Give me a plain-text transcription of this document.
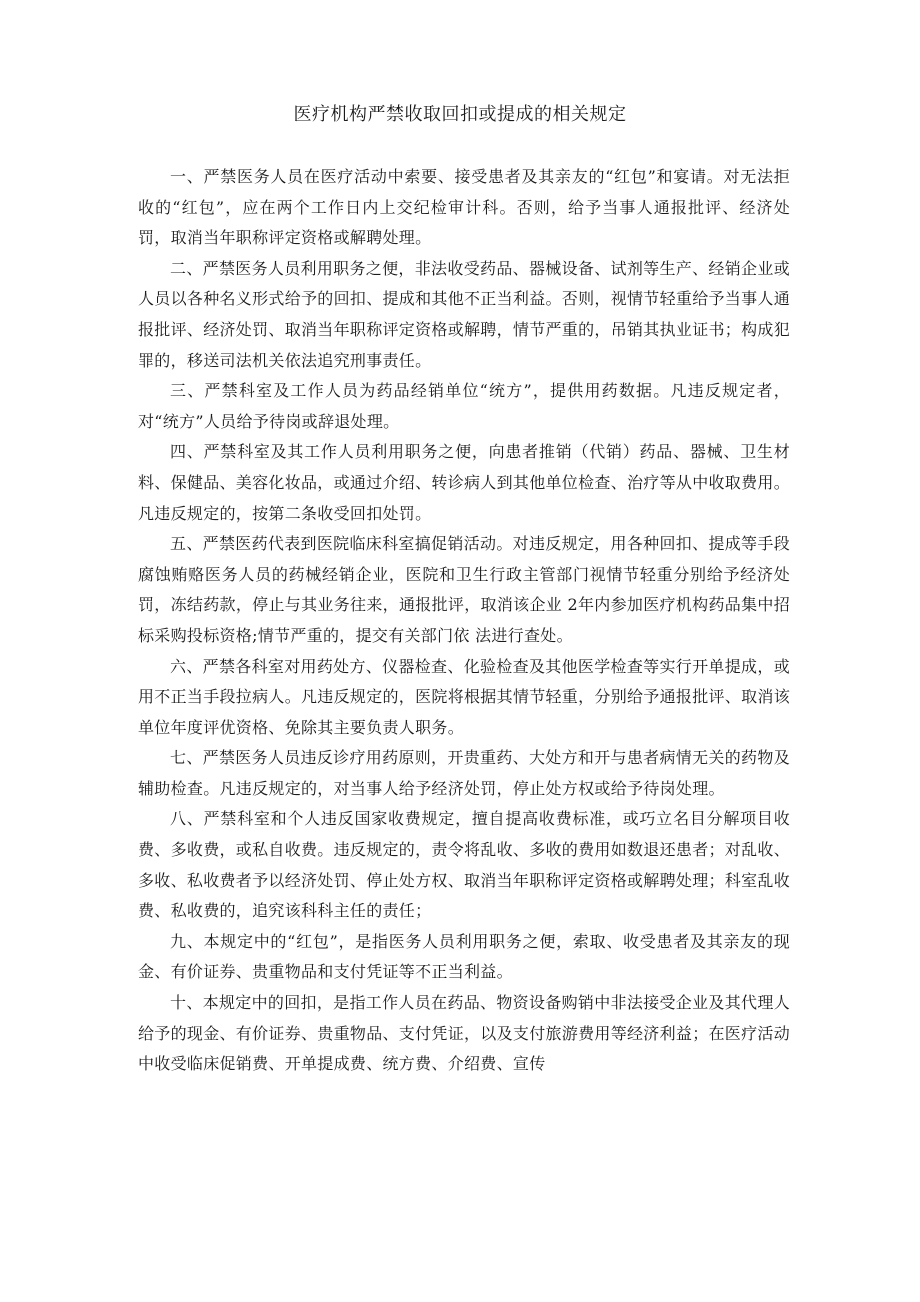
医疗机构严禁收取回扣或提成的相关规定

一、严禁医务人员在医疗活动中索要、接受患者及其亲友的“红包”和宴请。对无法拒收的“红包”，应在两个工作日内上交纪检审计科。否则，给予当事人通报批评、经济处罚，取消当年职称评定资格或解聘处理。

二、严禁医务人员利用职务之便，非法收受药品、器械设备、试剂等生产、经销企业或人员以各种名义形式给予的回扣、提成和其他不正当利益。否则，视情节轻重给予当事人通报批评、经济处罚、取消当年职称评定资格或解聘，情节严重的，吊销其执业证书；构成犯罪的，移送司法机关依法追究刑事责任。

三、严禁科室及工作人员为药品经销单位“统方”，提供用药数据。凡违反规定者，对“统方”人员给予待岗或辞退处理。

四、严禁科室及其工作人员利用职务之便，向患者推销（代销）药品、器械、卫生材料、保健品、美容化妆品，或通过介绍、转诊病人到其他单位检查、治疗等从中收取费用。凡违反规定的，按第二条收受回扣处罚。

五、严禁医药代表到医院临床科室搞促销活动。对违反规定，用各种回扣、提成等手段腐蚀贿赂医务人员的药械经销企业，医院和卫生行政主管部门视情节轻重分别给予经济处罚，冻结药款，停止与其业务往来，通报批评，取消该企业 2年内参加医疗机构药品集中招标采购投标资格;情节严重的，提交有关部门依 法进行查处。

六、严禁各科室对用药处方、仪器检查、化验检查及其他医学检查等实行开单提成，或用不正当手段拉病人。凡违反规定的，医院将根据其情节轻重，分别给予通报批评、取消该单位年度评优资格、免除其主要负责人职务。

七、严禁医务人员违反诊疗用药原则，开贵重药、大处方和开与患者病情无关的药物及辅助检查。凡违反规定的，对当事人给予经济处罚，停止处方权或给予待岗处理。

八、严禁科室和个人违反国家收费规定，擅自提高收费标准，或巧立名目分解项目收费、多收费，或私自收费。违反规定的，责令将乱收、多收的费用如数退还患者；对乱收、多收、私收费者予以经济处罚、停止处方权、取消当年职称评定资格或解聘处理；科室乱收费、私收费的，追究该科科主任的责任；

九、本规定中的“红包”，是指医务人员利用职务之便，索取、收受患者及其亲友的现金、有价证券、贵重物品和支付凭证等不正当利益。

十、本规定中的回扣，是指工作人员在药品、物资设备购销中非法接受企业及其代理人给予的现金、有价证券、贵重物品、支付凭证，以及支付旅游费用等经济利益；在医疗活动中收受临床促销费、开单提成费、统方费、介绍费、宣传
